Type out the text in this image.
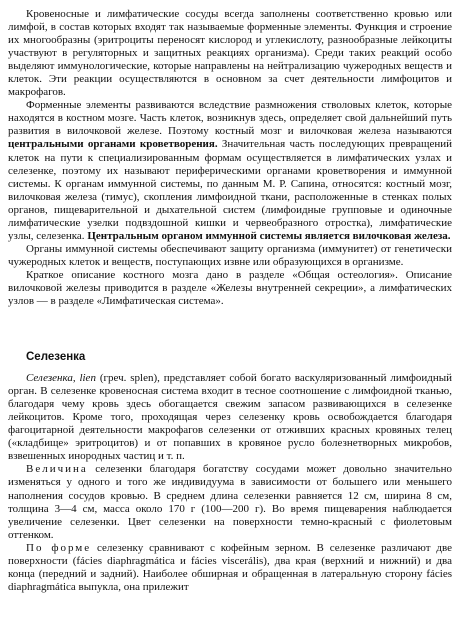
Кровеносные и лимфатические сосуды всегда заполнены соответственно кровью или лимфой, в состав которых входят так называемые форменные элементы. Функция и строение их многообразны (эритроциты переносят кислород и углекислоту, разнообразные лейкоциты участвуют в регуляторных и защитных реакциях организма). Среди таких реакций особо выделяют иммунологические, которые направлены на нейтрализацию чужеродных веществ и клеток. Эти реакции осуществляются в основном за счет деятельности лимфоцитов и макрофагов.

Форменные элементы развиваются вследствие размножения стволовых клеток, которые находятся в костном мозге. Часть клеток, возникнув здесь, определяет свой дальнейший путь развития в вилочковой железе. Поэтому костный мозг и вилочковая железа называются центральными органами кроветворения. Значительная часть последующих превращений клеток на пути к специализированным формам осуществляется в лимфатических узлах и селезенке, поэтому их называют периферическими органами кроветворения и иммунной системы. К органам иммунной системы, по данным М. Р. Сапина, относятся: костный мозг, вилочковая железа (тимус), скопления лимфоидной ткани, расположенные в стенках полых органов, пищеварительной и дыхательной систем (лимфоидные групповые и одиночные лимфатические узелки подвздошной кишки и червеобразного отростка), лимфатические узлы, селезенка. Центральным органом иммунной системы является вилочковая железа.

Органы иммунной системы обеспечивают защиту организма (иммунитет) от генетически чужеродных клеток и веществ, поступающих извне или образующихся в организме.

Краткое описание костного мозга дано в разделе «Общая остеология». Описание вилочковой железы приводится в разделе «Железы внутренней секреции», а лимфатических узлов — в разделе «Лимфатическая система».

Селезенка

Селезенка, lien (греч. splen), представляет собой богато васкуляризованный лимфоидный орган. В селезенке кровеносная система входит в тесное соотношение с лимфоидной тканью, благодаря чему кровь здесь обогащается свежим запасом развивающихся в селезенке лейкоцитов. Кроме того, проходящая через селезенку кровь освобождается благодаря фагоцитарной деятельности макрофагов селезенки от отживших красных кровяных телец («кладбище» эритроцитов) и от попавших в кровяное русло болезнетворных микробов, взвешенных инородных частиц и т. п.

Величина селезенки благодаря богатству сосудами может довольно значительно изменяться у одного и того же индивидуума в зависимости от большего или меньшего наполнения сосудов кровью. В среднем длина селезенки равняется 12 см, ширина 8 см, толщина 3—4 см, масса около 170 г (100—200 г). Во время пищеварения наблюдается увеличение селезенки. Цвет селезенки на поверхности темно-красный с фиолетовым оттенком.

По форме селезенку сравнивают с кофейным зерном. В селезенке различают две поверхности (fácies diaphragmática и fácies viscerális), два края (верхний и нижний) и два конца (передний и задний). Наиболее обширная и обращенная в латеральную сторону fácies diaphragmática выпукла, она прилежит
